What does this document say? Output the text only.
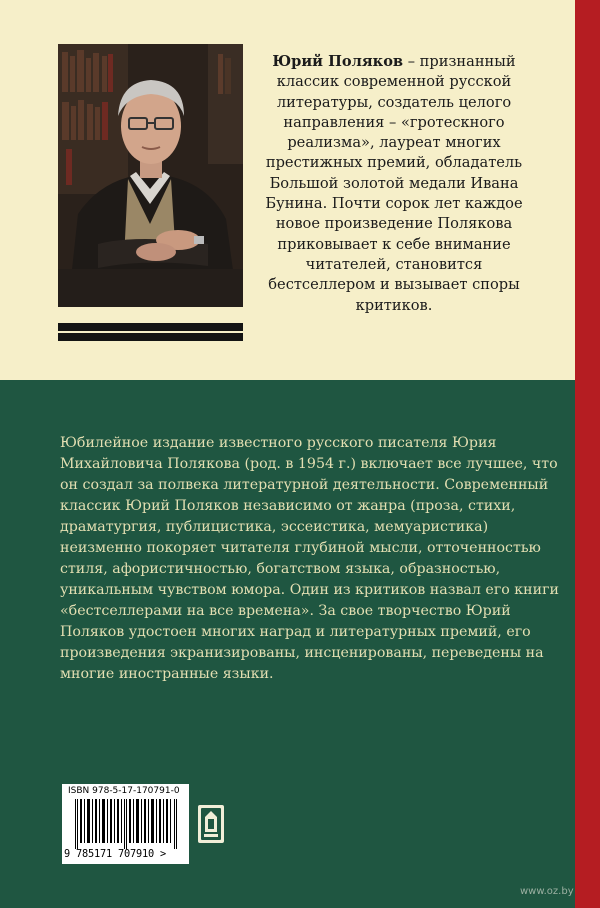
Юрий Поляков – признанный классик современной русской литературы, создатель целого направления – «гротескного реализма», лауреат многих престижных премий, обладатель Большой золотой медали Ивана Бунина. Почти сорок лет каждое новое произведение Полякова приковывает к себе внимание читателей, становится бестселлером и вызывает споры критиков.

Юбилейное издание известного русского писателя Юрия Михайловича Полякова (род. в 1954 г.) включает все лучшее, что он создал за полвека литературной деятельности. Современный классик Юрий Поляков независимо от жанра (проза, стихи, драматургия, публицистика, эссеистика, мемуаристика) неизменно покоряет читателя глубиной мысли, отточенностью стиля, афористичностью, богатством языка, образностью, уникальным чувством юмора. Один из критиков назвал его книги «бестселлерами на все времена». За свое творчество Юрий Поляков удостоен многих наград и литературных премий, его произведения экранизированы, инсценированы, переведены на многие иностранные языки.

ISBN 978-5-17-170791-0
9 785171 707910 >
www.oz.by
